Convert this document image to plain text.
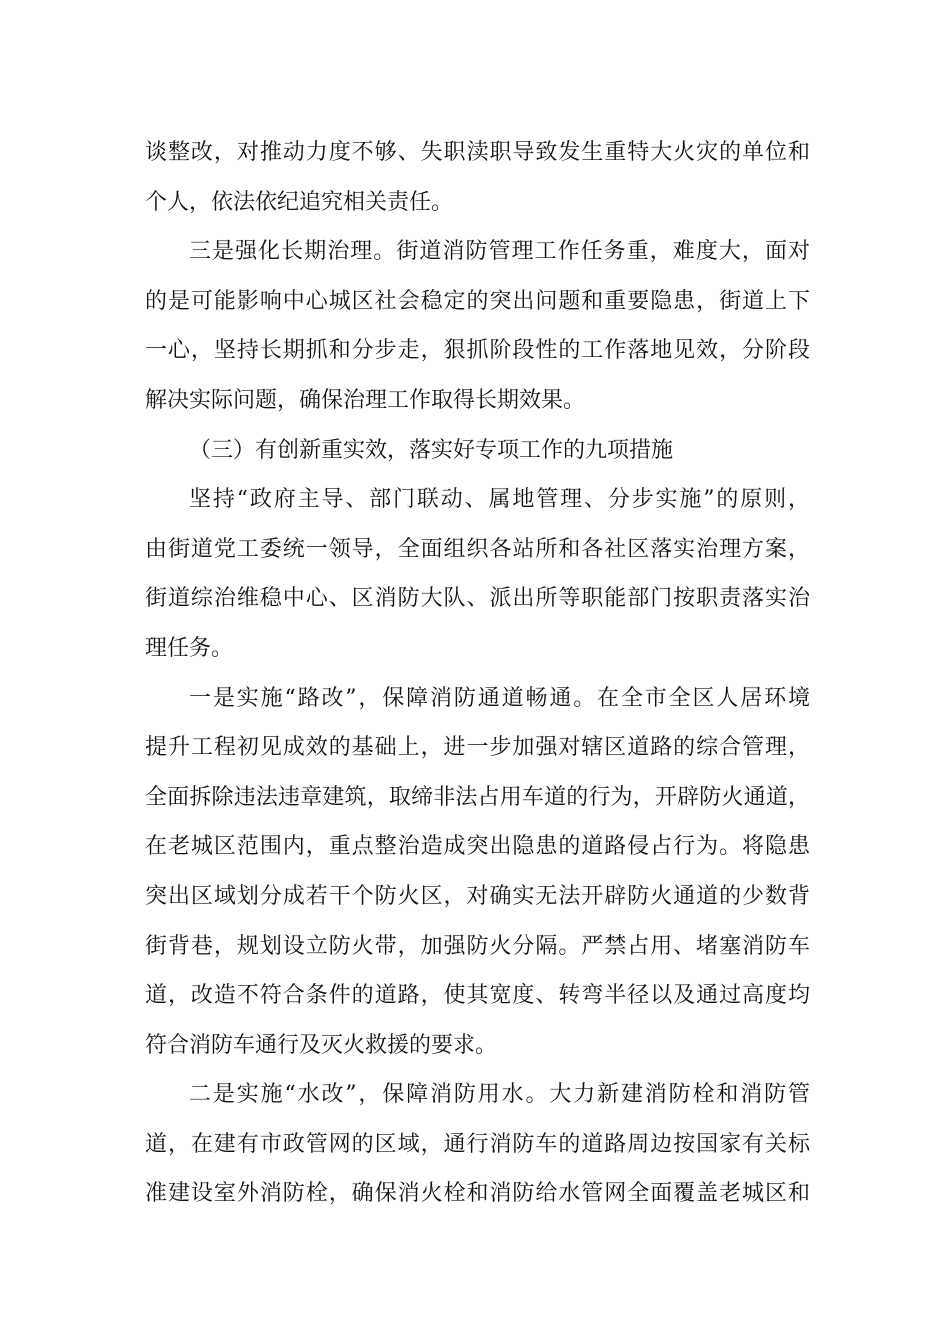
谈整改，对推动力度不够、失职渎职导致发生重特大火灾的单位和
个人，依法依纪追究相关责任。
三是强化长期治理。街道消防管理工作任务重，难度大，面对
的是可能影响中心城区社会稳定的突出问题和重要隐患，街道上下
一心，坚持长期抓和分步走，狠抓阶段性的工作落地见效，分阶段
解决实际问题，确保治理工作取得长期效果。
（三）有创新重实效，落实好专项工作的九项措施
坚持“政府主导、部门联动、属地管理、分步实施”的原则，
由街道党工委统一领导，全面组织各站所和各社区落实治理方案，
街道综治维稳中心、区消防大队、派出所等职能部门按职责落实治
理任务。
一是实施“路改”，保障消防通道畅通。在全市全区人居环境
提升工程初见成效的基础上，进一步加强对辖区道路的综合管理，
全面拆除违法违章建筑，取缔非法占用车道的行为，开辟防火通道，
在老城区范围内，重点整治造成突出隐患的道路侵占行为。将隐患
突出区域划分成若干个防火区，对确实无法开辟防火通道的少数背
街背巷，规划设立防火带，加强防火分隔。严禁占用、堵塞消防车
道，改造不符合条件的道路，使其宽度、转弯半径以及通过高度均
符合消防车通行及灭火救援的要求。
二是实施“水改”，保障消防用水。大力新建消防栓和消防管
道，在建有市政管网的区域，通行消防车的道路周边按国家有关标
准建设室外消防栓，确保消火栓和消防给水管网全面覆盖老城区和
